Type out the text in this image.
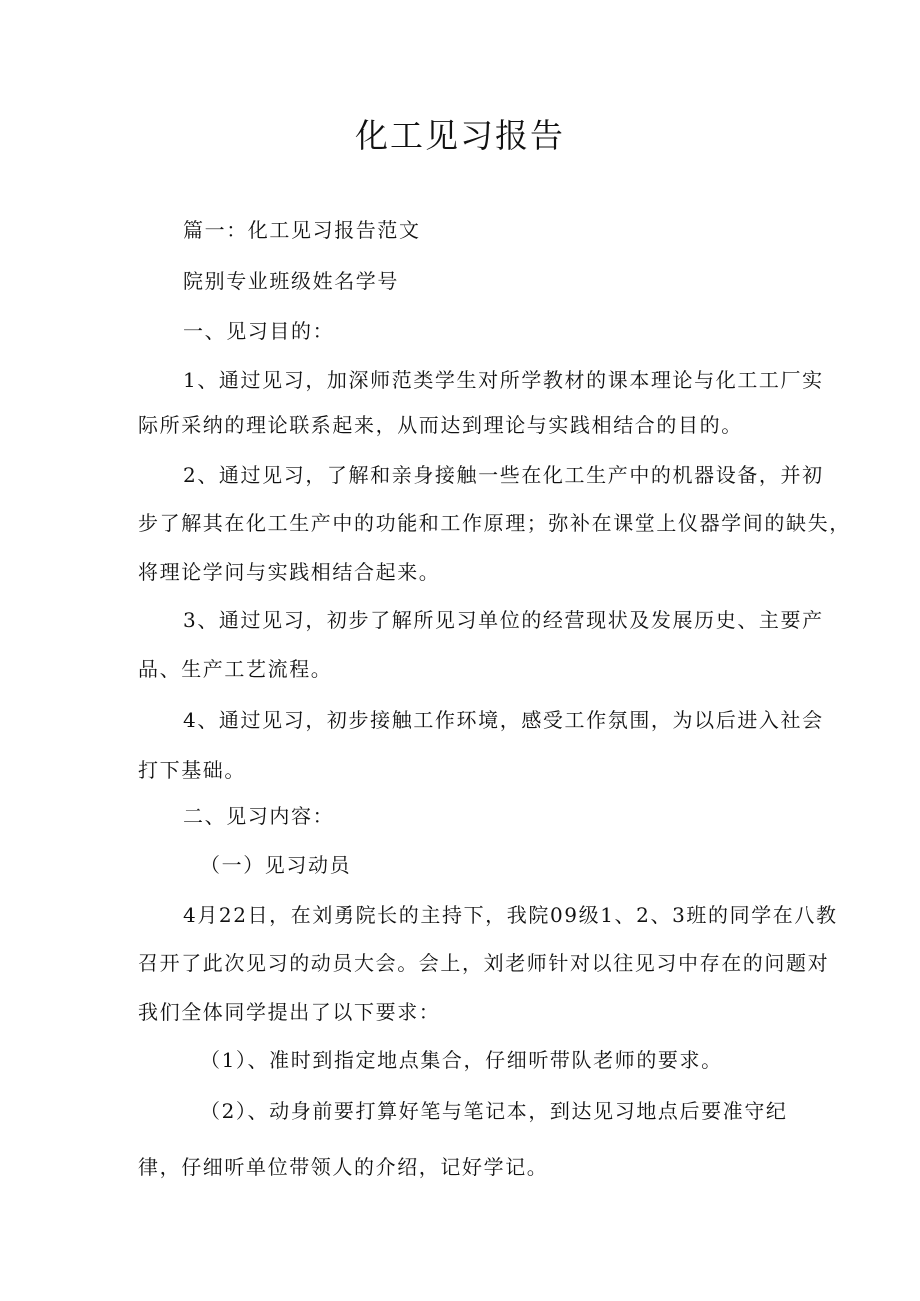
化工见习报告
篇一：化工见习报告范文
院别专业班级姓名学号
一、见习目的：
1、通过见习，加深师范类学生对所学教材的课本理论与化工工厂实
际所采纳的理论联系起来，从而达到理论与实践相结合的目的。
2、通过见习，了解和亲身接触一些在化工生产中的机器设备，并初
步了解其在化工生产中的功能和工作原理；弥补在课堂上仪器学间的缺失，
将理论学问与实践相结合起来。
3、通过见习，初步了解所见习单位的经营现状及发展历史、主要产
品、生产工艺流程。
4、通过见习，初步接触工作环境，感受工作氛围，为以后进入社会
打下基础。
二、见习内容：
（一）见习动员
4月22日，在刘勇院长的主持下，我院09级1、2、3班的同学在八教
召开了此次见习的动员大会。会上，刘老师针对以往见习中存在的问题对
我们全体同学提出了以下要求：
（1）、准时到指定地点集合，仔细听带队老师的要求。
（2）、动身前要打算好笔与笔记本，到达见习地点后要准守纪
律，仔细听单位带领人的介绍，记好学记。
